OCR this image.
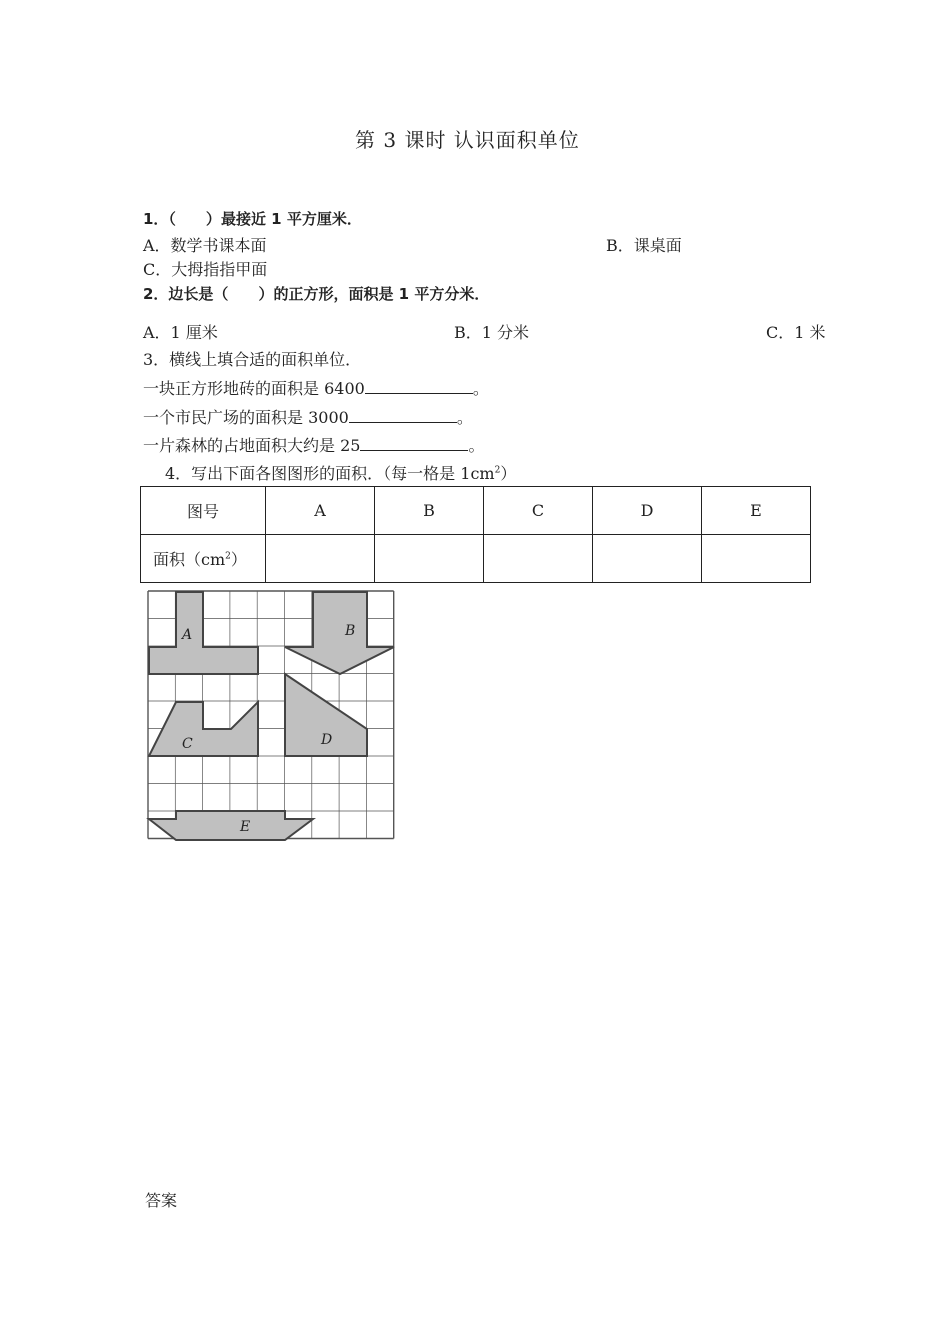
第 3 课时 认识面积单位
1．（　　）最接近 1 平方厘米．
A．数学书课本面	B．课桌面
C．大拇指指甲面
2．边长是（　　）的正方形，面积是 1 平方分米．
A．1 厘米	B．1 分米	C．1 米
3．横线上填合适的面积单位．
一块正方形地砖的面积是 6400	。
一个市民广场的面积是 3000	。
一片森林的占地面积大约是 25	。
4．写出下面各图图形的面积．（每一格是 $1cm^2$）
图号	A	B	C	D	E
面积$(cm^2)$					
A	B
C	D
E
答案
